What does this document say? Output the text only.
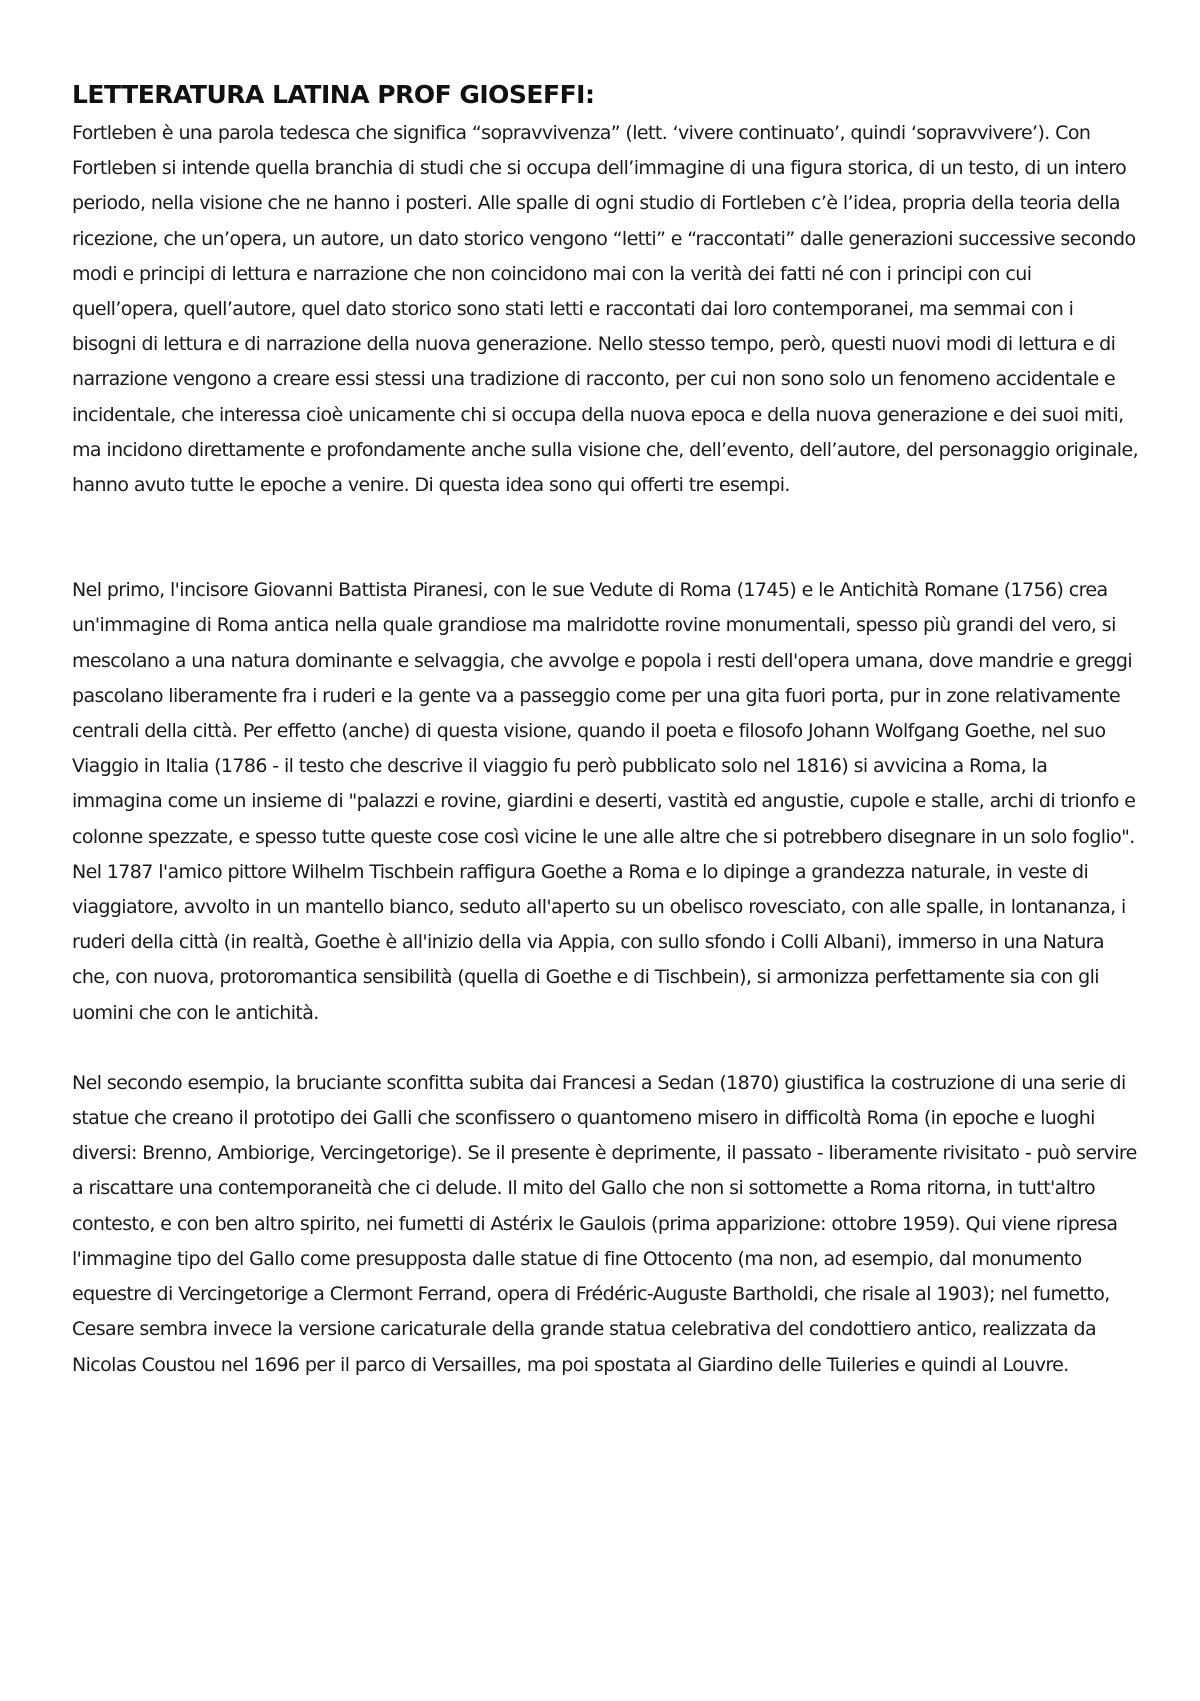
LETTERATURA LATINA PROF GIOSEFFI:

Fortleben è una parola tedesca che significa “sopravvivenza” (lett. ‘vivere continuato’, quindi ‘sopravvivere’). Con Fortleben si intende quella branchia di studi che si occupa dell’immagine di una figura storica, di un testo, di un intero periodo, nella visione che ne hanno i posteri. Alle spalle di ogni studio di Fortleben c’è l’idea, propria della teoria della ricezione, che un’opera, un autore, un dato storico vengono “letti” e “raccontati” dalle generazioni successive secondo modi e principi di lettura e narrazione che non coincidono mai con la verità dei fatti né con i principi con cui quell’opera, quell’autore, quel dato storico sono stati letti e raccontati dai loro contemporanei, ma semmai con i bisogni di lettura e di narrazione della nuova generazione. Nello stesso tempo, però, questi nuovi modi di lettura e di narrazione vengono a creare essi stessi una tradizione di racconto, per cui non sono solo un fenomeno accidentale e incidentale, che interessa cioè unicamente chi si occupa della nuova epoca e della nuova generazione e dei suoi miti, ma incidono direttamente e profondamente anche sulla visione che, dell’evento, dell’autore, del personaggio originale, hanno avuto tutte le epoche a venire. Di questa idea sono qui offerti tre esempi.

Nel primo, l'incisore Giovanni Battista Piranesi, con le sue Vedute di Roma (1745) e le Antichità Romane (1756) crea un'immagine di Roma antica nella quale grandiose ma malridotte rovine monumentali, spesso più grandi del vero, si mescolano a una natura dominante e selvaggia, che avvolge e popola i resti dell'opera umana, dove mandrie e greggi pascolano liberamente fra i ruderi e la gente va a passeggio come per una gita fuori porta, pur in zone relativamente centrali della città. Per effetto (anche) di questa visione, quando il poeta e filosofo Johann Wolfgang Goethe, nel suo Viaggio in Italia (1786 - il testo che descrive il viaggio fu però pubblicato solo nel 1816) si avvicina a Roma, la immagina come un insieme di "palazzi e rovine, giardini e deserti, vastità ed angustie, cupole e stalle, archi di trionfo e colonne spezzate, e spesso tutte queste cose così vicine le une alle altre che si potrebbero disegnare in un solo foglio". Nel 1787 l'amico pittore Wilhelm Tischbein raffigura Goethe a Roma e lo dipinge a grandezza naturale, in veste di viaggiatore, avvolto in un mantello bianco, seduto all'aperto su un obelisco rovesciato, con alle spalle, in lontananza, i ruderi della città (in realtà, Goethe è all'inizio della via Appia, con sullo sfondo i Colli Albani), immerso in una Natura che, con nuova, protoromantica sensibilità (quella di Goethe e di Tischbein), si armonizza perfettamente sia con gli uomini che con le antichità.

Nel secondo esempio, la bruciante sconfitta subita dai Francesi a Sedan (1870) giustifica la costruzione di una serie di statue che creano il prototipo dei Galli che sconfissero o quantomeno misero in difficoltà Roma (in epoche e luoghi diversi: Brenno, Ambiorige, Vercingetorige). Se il presente è deprimente, il passato - liberamente rivisitato - può servire a riscattare una contemporaneità che ci delude. Il mito del Gallo che non si sottomette a Roma ritorna, in tutt'altro contesto, e con ben altro spirito, nei fumetti di Astérix le Gaulois (prima apparizione: ottobre 1959). Qui viene ripresa l'immagine tipo del Gallo come presupposta dalle statue di fine Ottocento (ma non, ad esempio, dal monumento equestre di Vercingetorige a Clermont Ferrand, opera di Frédéric-Auguste Bartholdi, che risale al 1903); nel fumetto, Cesare sembra invece la versione caricaturale della grande statua celebrativa del condottiero antico, realizzata da Nicolas Coustou nel 1696 per il parco di Versailles, ma poi spostata al Giardino delle Tuileries e quindi al Louvre.
